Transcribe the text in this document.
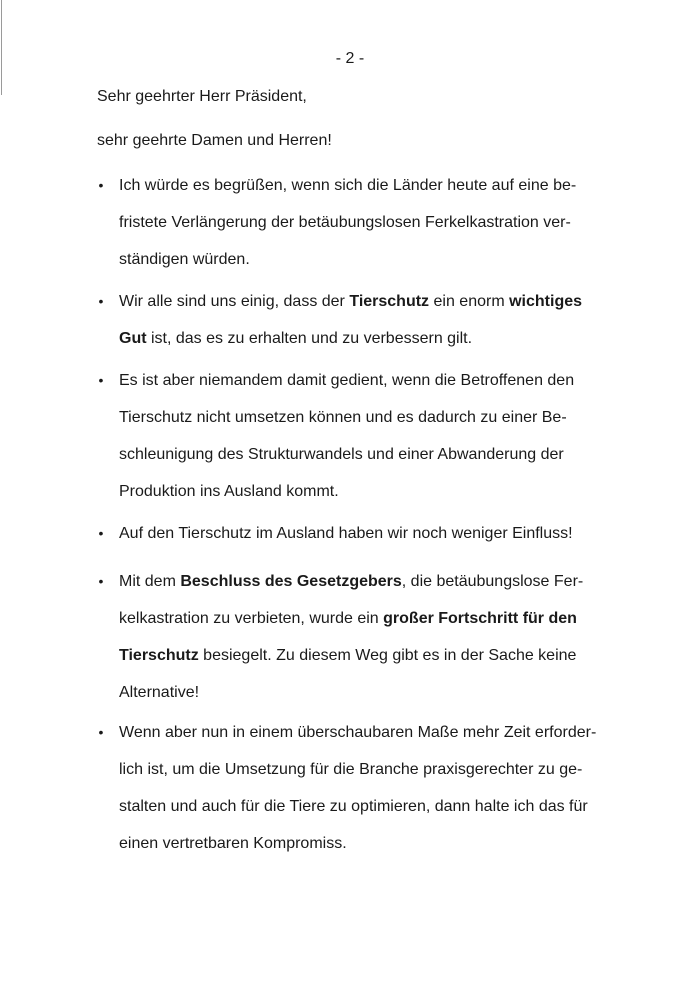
- 2 -
Sehr geehrter Herr Präsident,
sehr geehrte Damen und Herren!
• Ich würde es begrüßen, wenn sich die Länder heute auf eine be-
fristete Verlängerung der betäubungslosen Ferkelkastration ver-
ständigen würden.
• Wir alle sind uns einig, dass der Tierschutz ein enorm wichtiges
Gut ist, das es zu erhalten und zu verbessern gilt.
• Es ist aber niemandem damit gedient, wenn die Betroffenen den
Tierschutz nicht umsetzen können und es dadurch zu einer Be-
schleunigung des Strukturwandels und einer Abwanderung der
Produktion ins Ausland kommt.
• Auf den Tierschutz im Ausland haben wir noch weniger Einfluss!
• Mit dem Beschluss des Gesetzgebers, die betäubungslose Fer-
kelkastration zu verbieten, wurde ein großer Fortschritt für den
Tierschutz besiegelt. Zu diesem Weg gibt es in der Sache keine
Alternative!
• Wenn aber nun in einem überschaubaren Maße mehr Zeit erforder-
lich ist, um die Umsetzung für die Branche praxisgerechter zu ge-
stalten und auch für die Tiere zu optimieren, dann halte ich das für
einen vertretbaren Kompromiss.
